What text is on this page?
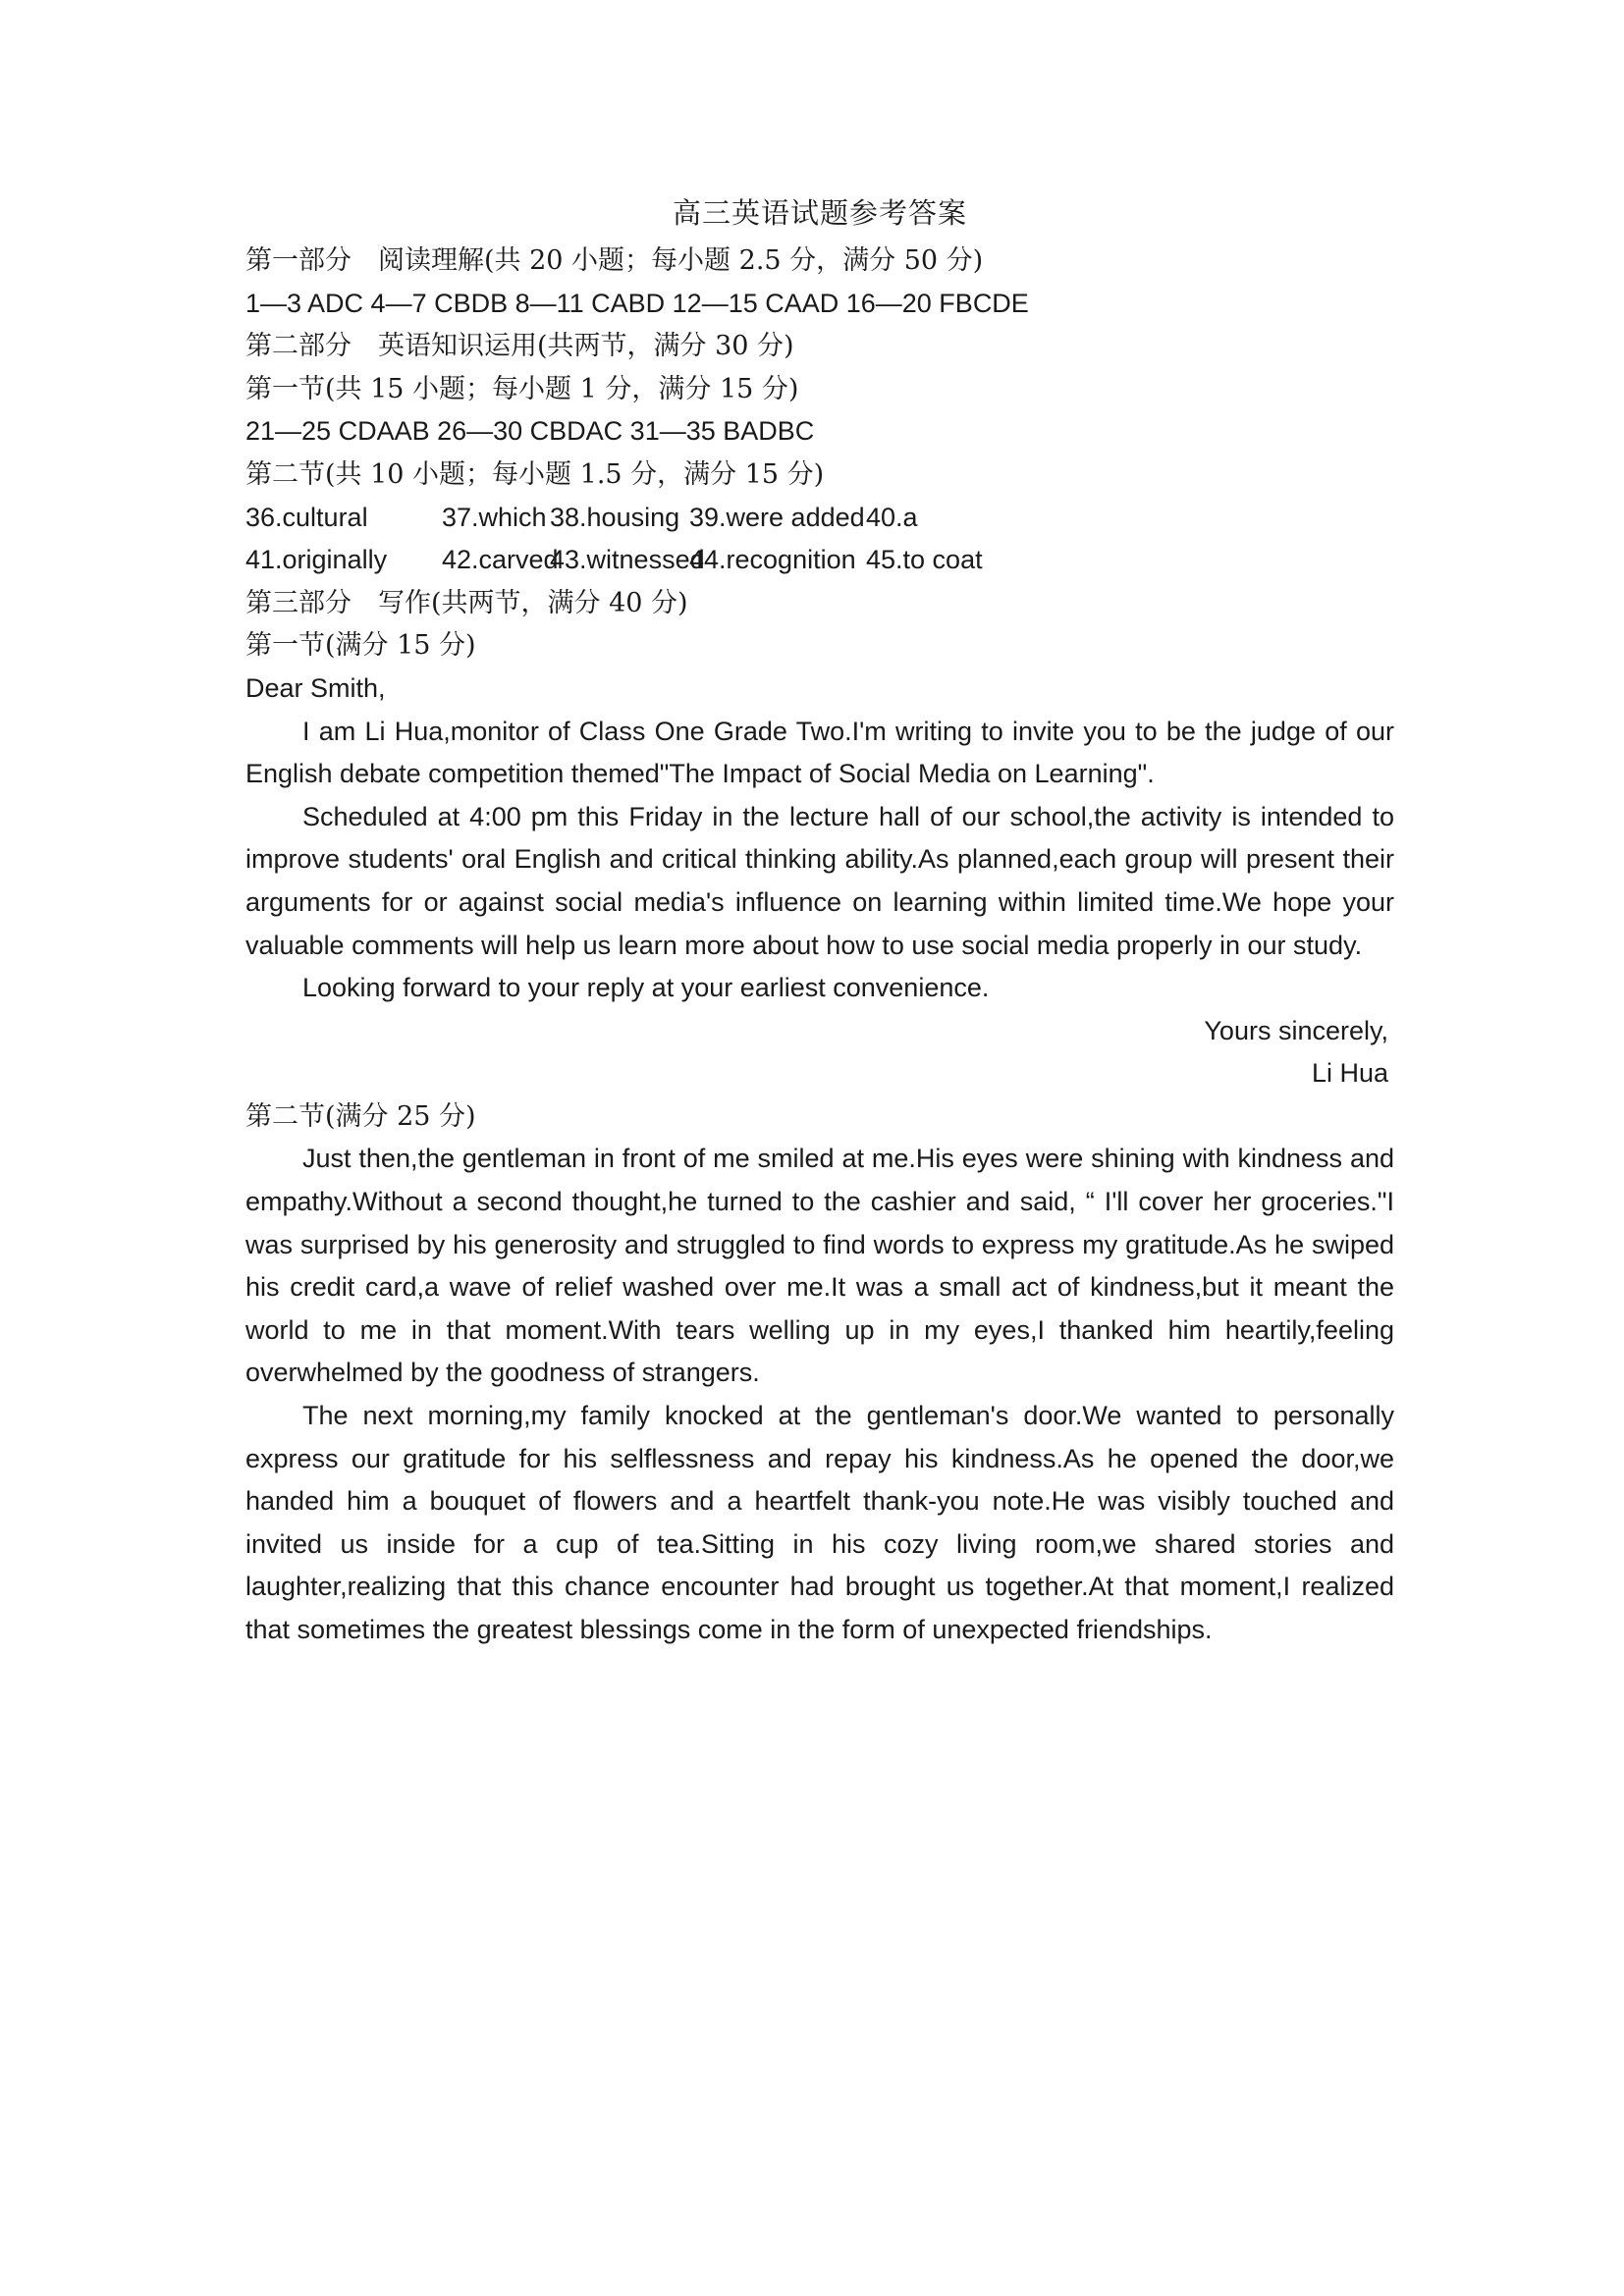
高三英语试题参考答案
第一部分　阅读理解(共 20 小题；每小题 2.5 分，满分 50 分)
1—3 ADC 4—7 CBDB 8—11 CABD 12—15 CAAD 16—20 FBCDE
第二部分　英语知识运用(共两节，满分 30 分)
第一节(共 15 小题；每小题 1 分，满分 15 分)
21—25 CDAAB 26—30 CBDAC 31—35 BADBC
第二节(共 10 小题；每小题 1.5 分，满分 15 分)
36.cultural	37.which 38.housing 39.were added 40.a
41.originally	42.carved
43.witnessed
44.recognition 45.to coat
第三部分　写作(共两节，满分 40 分)
第一节(满分 15 分)
Dear Smith,

I am Li Hua,monitor of Class One Grade Two.I'm writing to invite you to be the judge of our English debate competition themed"The Impact of Social Media on Learning".

Scheduled at 4:00 pm this Friday in the lecture hall of our school,the activity is intended to improve students' oral English and critical thinking ability.As planned,each group will present their arguments for or against social media's influence on learning within limited time.We hope your valuable comments will help us learn more about how to use social media properly in our study.

Looking forward to your reply at your earliest convenience.

Yours sincerely,
Li Hua
第二节(满分 25 分)

Just then,the gentleman in front of me smiled at me.His eyes were shining with kindness and empathy.Without a second thought,he turned to the cashier and said, “ I'll cover her groceries."I was surprised by his generosity and struggled to find words to express my gratitude.As he swiped his credit card,a wave of relief washed over me.It was a small act of kindness,but it meant the world to me in that moment.With tears welling up in my eyes,I thanked him heartily,feeling overwhelmed by the goodness of strangers.

The next morning,my family knocked at the gentleman's door.We wanted to personally express our gratitude for his selflessness and repay his kindness.As he opened the door,we handed him a bouquet of flowers and a heartfelt thank-you note.He was visibly touched and invited us inside for a cup of tea.Sitting in his cozy living room,we shared stories and laughter,realizing that this chance encounter had brought us together.At that moment,I realized that sometimes the greatest blessings come in the form of unexpected friendships.
